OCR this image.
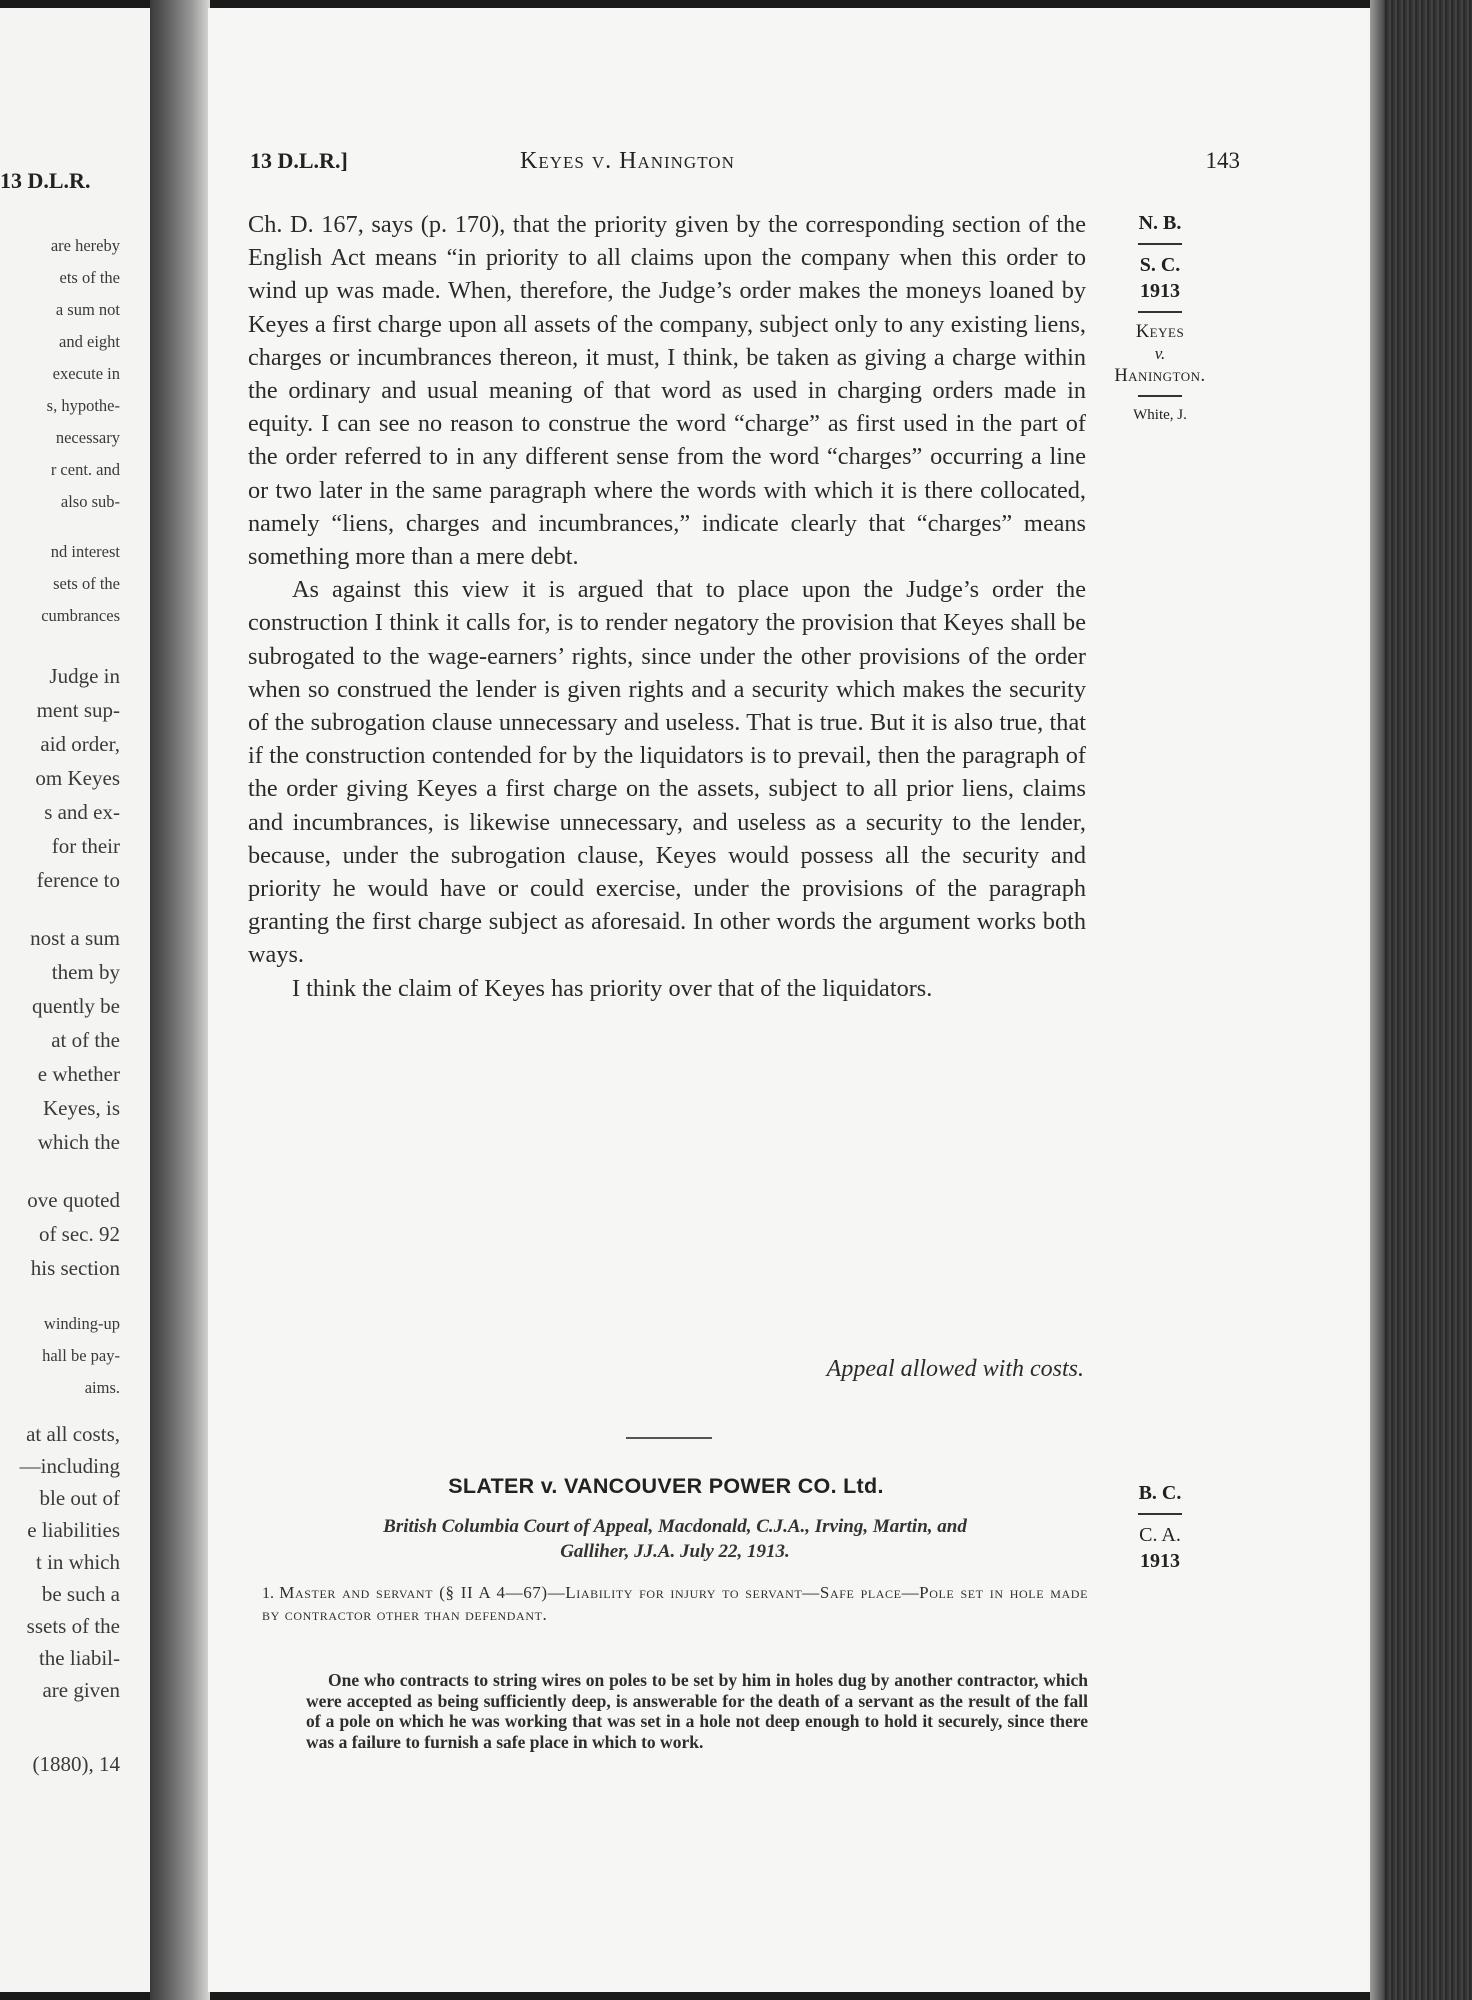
13 D.L.R.
are hereby
ets of the
a sum not
and eight
execute in
s, hypothe-
necessary
r cent. and
also sub-
nd interest
sets of the
cumbrances
Judge in
ment sup-
aid order,
om Keyes
s and ex-
for their
ference to
nost a sum
them by
quently be
at of the
e whether
Keyes, is
which the
ove quoted
of sec. 92
his section
winding-up
hall be pay-
aims.
at all costs,
—including
ble out of
e liabilities
t in which
be such a
ssets of the
the liabil-
are given
(1880), 14
13 D.L.R.]	Keyes v. Hanington	143

Ch. D. 167, says (p. 170), that the priority given by the corresponding section of the English Act means “in priority to all claims upon the company when this order to wind up was made. When, therefore, the Judge’s order makes the moneys loaned by Keyes a first charge upon all assets of the company, subject only to any existing liens, charges or incumbrances thereon, it must, I think, be taken as giving a charge within the ordinary and usual meaning of that word as used in charging orders made in equity. I can see no reason to construe the word “charge” as first used in the part of the order referred to in any different sense from the word “charges” occurring a line or two later in the same paragraph where the words with which it is there collocated, namely “liens, charges and incumbrances,” indicate clearly that “charges” means something more than a mere debt.

As against this view it is argued that to place upon the Judge’s order the construction I think it calls for, is to render negatory the provision that Keyes shall be subrogated to the wage-earners’ rights, since under the other provisions of the order when so construed the lender is given rights and a security which makes the security of the subrogation clause unnecessary and useless. That is true. But it is also true, that if the construction contended for by the liquidators is to prevail, then the paragraph of the order giving Keyes a first charge on the assets, subject to all prior liens, claims and incumbrances, is likewise unnecessary, and useless as a security to the lender, because, under the subrogation clause, Keyes would possess all the security and priority he would have or could exercise, under the provisions of the paragraph granting the first charge subject as aforesaid. In other words the argument works both ways.

I think the claim of Keyes has priority over that of the liquidators.

Appeal allowed with costs.
N. B.
S. C.
1913
Keyes
v.
Hanington.
White, J.
SLATER v. VANCOUVER POWER CO. Ltd.
British Columbia Court of Appeal, Macdonald, C.J.A., Irving, Martin, and
Galliher, JJ.A. July 22, 1913.
1. Master and servant (§ II A 4—67)—Liability for injury to servant—Safe place—Pole set in hole made by contractor other than defendant.
One who contracts to string wires on poles to be set by him in holes dug by another contractor, which were accepted as being sufficiently deep, is answerable for the death of a servant as the result of the fall of a pole on which he was working that was set in a hole not deep enough to hold it securely, since there was a failure to furnish a safe place in which to work.
B. C.
C. A.
1913
